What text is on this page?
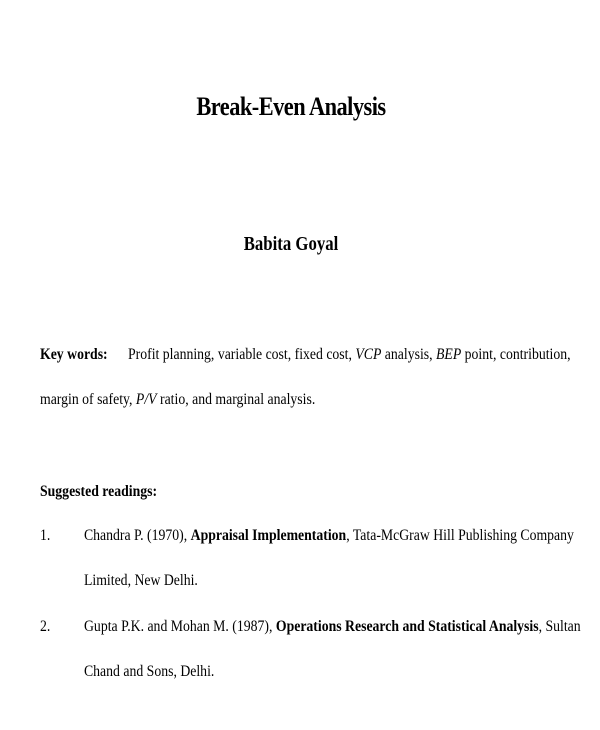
Break-Even Analysis
Babita Goyal
Key words: Profit planning, variable cost, fixed cost, VCP analysis, BEP point, contribution,
margin of safety, P/V ratio, and marginal analysis.
Suggested readings:
1. Chandra P. (1970), Appraisal Implementation, Tata-McGraw Hill Publishing Company
Limited, New Delhi.
2. Gupta P.K. and Mohan M. (1987), Operations Research and Statistical Analysis, Sultan
Chand and Sons, Delhi.
